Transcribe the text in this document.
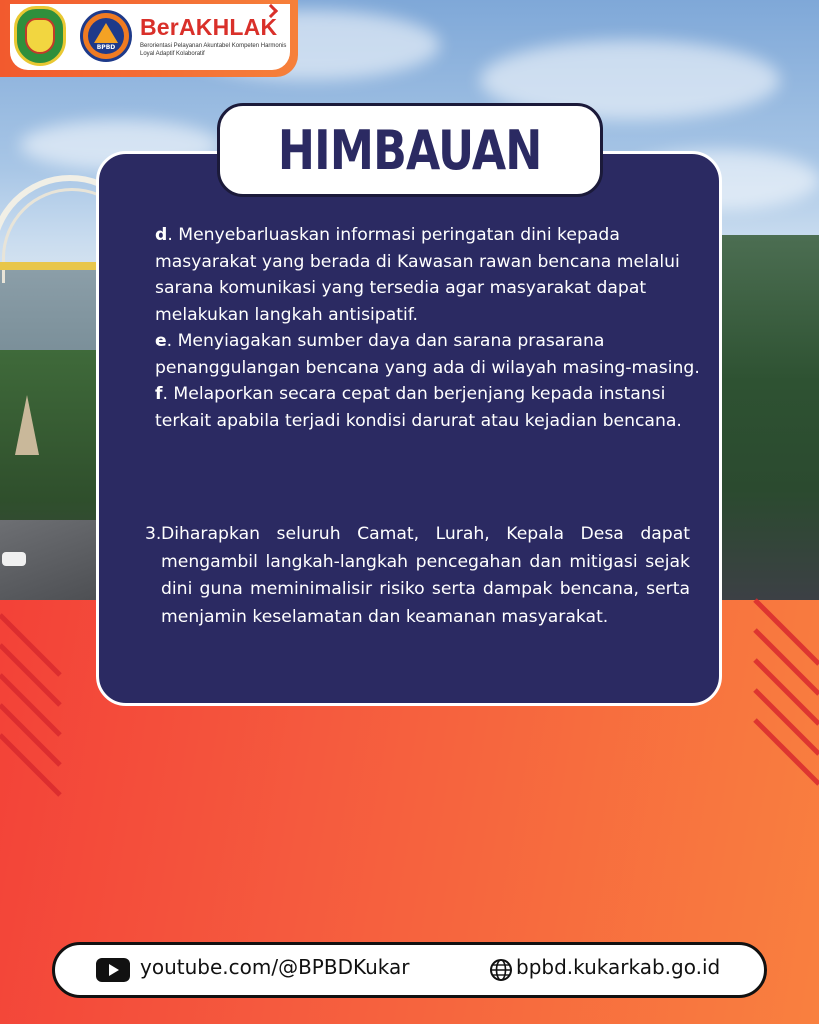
BPBD
BerAKHLAK
Berorientasi Pelayanan Akuntabel Kompeten Harmonis Loyal Adaptif Kolaboratif
HIMBAUAN
d. Menyebarluaskan informasi peringatan dini kepada masyarakat yang berada di Kawasan rawan bencana melalui sarana komunikasi yang tersedia agar masyarakat dapat melakukan langkah antisipatif.
e. Menyiagakan sumber daya dan sarana prasarana penanggulangan bencana yang ada di wilayah masing-masing.
f. Melaporkan secara cepat dan berjenjang kepada instansi terkait apabila terjadi kondisi darurat atau kejadian bencana.
3. Diharapkan seluruh Camat, Lurah, Kepala Desa dapat mengambil langkah-langkah pencegahan dan mitigasi sejak dini guna meminimalisir risiko serta dampak bencana, serta menjamin keselamatan dan keamanan masyarakat.
youtube.com/@BPBDKukar	bpbd.kukarkab.go.id
